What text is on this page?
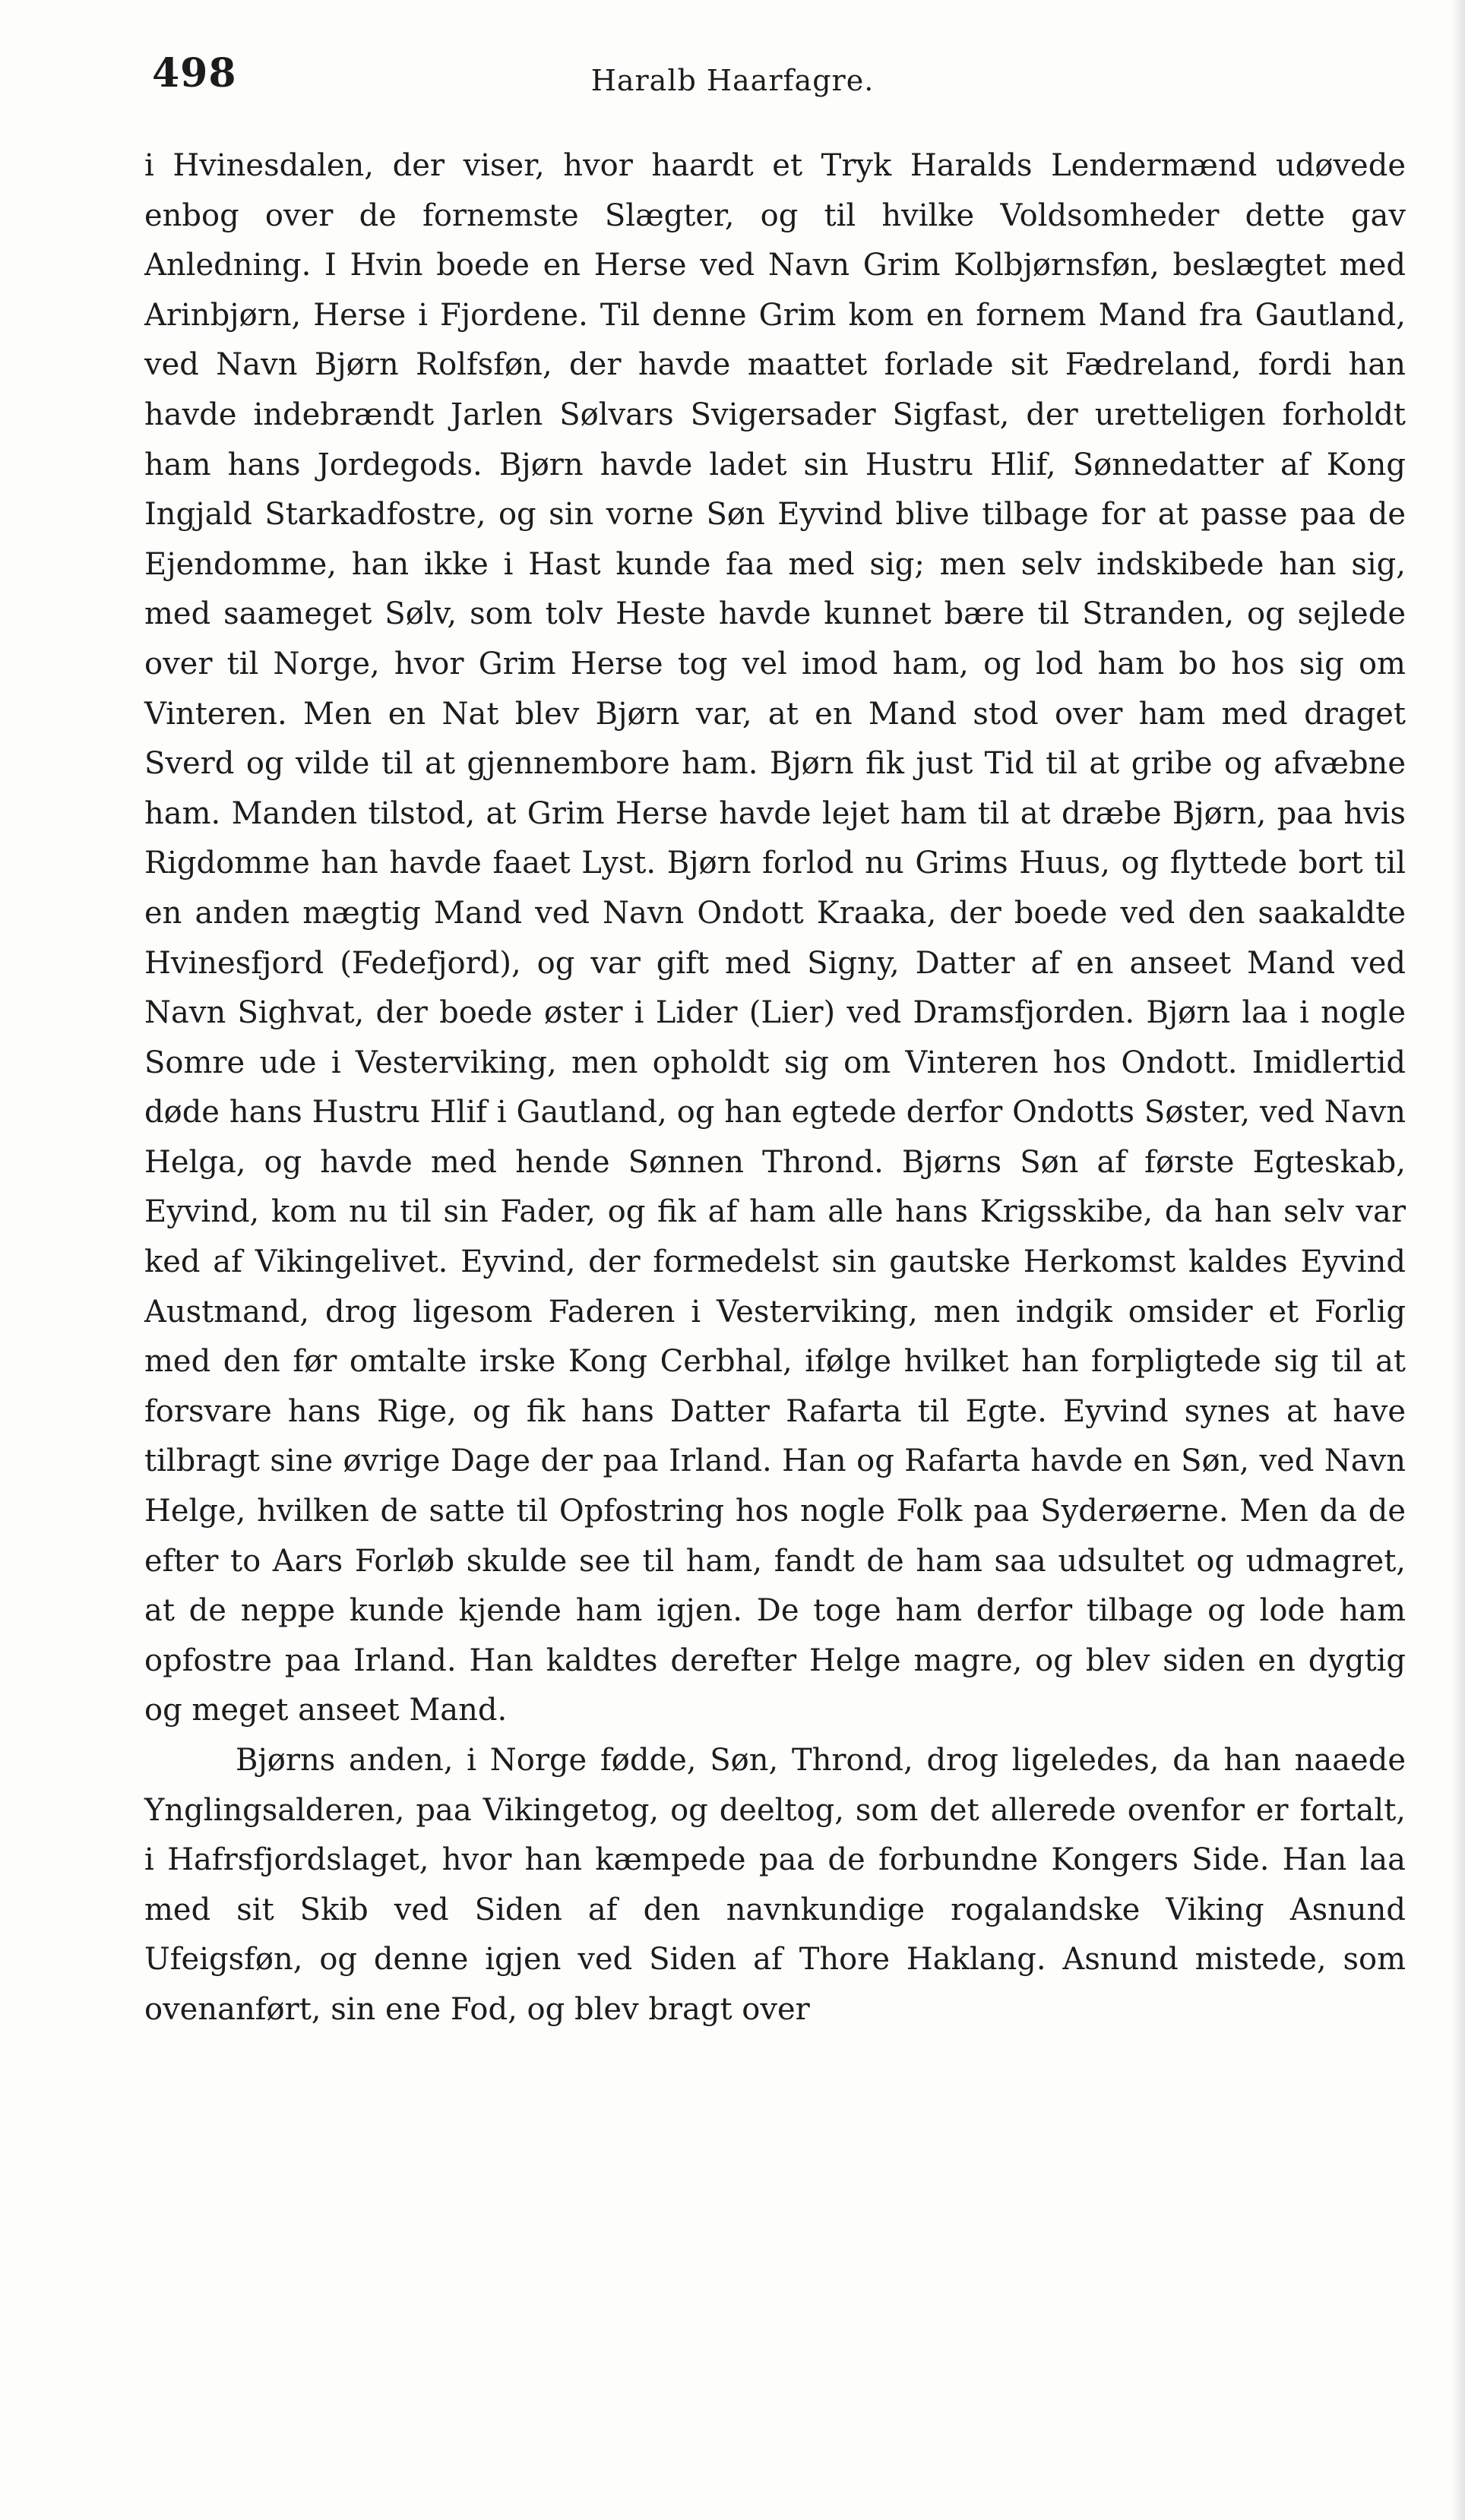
498	Haralb Haarfagre.

i Hvinesdalen, der viser, hvor haardt et Tryk Haralds Lendermænd udøvede enbog over de fornemste Slægter, og til hvilke Voldsomheder dette gav Anledning. I Hvin boede en Herse ved Navn Grim Kolbjørnsføn, beslægtet med Arinbjørn, Herse i Fjordene. Til denne Grim kom en fornem Mand fra Gautland, ved Navn Bjørn Rolfsføn, der havde maattet forlade sit Fædreland, fordi han havde indebrændt Jarlen Sølvars Svigersader Sigfast, der uretteligen forholdt ham hans Jordegods. Bjørn havde ladet sin Hustru Hlif, Sønnedatter af Kong Ingjald Starkadfostre, og sin vorne Søn Eyvind blive tilbage for at passe paa de Ejendomme, han ikke i Hast kunde faa med sig; men selv indskibede han sig, med saameget Sølv, som tolv Heste havde kunnet bære til Stranden, og sejlede over til Norge, hvor Grim Herse tog vel imod ham, og lod ham bo hos sig om Vinteren. Men en Nat blev Bjørn var, at en Mand stod over ham med draget Sverd og vilde til at gjennembore ham. Bjørn fik just Tid til at gribe og afvæbne ham. Manden tilstod, at Grim Herse havde lejet ham til at dræbe Bjørn, paa hvis Rigdomme han havde faaet Lyst. Bjørn forlod nu Grims Huus, og flyttede bort til en anden mægtig Mand ved Navn Ondott Kraaka, der boede ved den saakaldte Hvinesfjord (Fedefjord), og var gift med Signy, Datter af en anseet Mand ved Navn Sighvat, der boede øster i Lider (Lier) ved Dramsfjorden. Bjørn laa i nogle Somre ude i Vesterviking, men opholdt sig om Vinteren hos Ondott. Imidlertid døde hans Hustru Hlif i Gautland, og han egtede derfor Ondotts Søster, ved Navn Helga, og havde med hende Sønnen Thrond. Bjørns Søn af første Egteskab, Eyvind, kom nu til sin Fader, og fik af ham alle hans Krigsskibe, da han selv var ked af Vikingelivet. Eyvind, der formedelst sin gautske Herkomst kaldes Eyvind Austmand, drog ligesom Faderen i Vesterviking, men indgik omsider et Forlig med den før omtalte irske Kong Cerbhal, ifølge hvilket han forpligtede sig til at forsvare hans Rige, og fik hans Datter Rafarta til Egte. Eyvind synes at have tilbragt sine øvrige Dage der paa Irland. Han og Rafarta havde en Søn, ved Navn Helge, hvilken de satte til Opfostring hos nogle Folk paa Syderøerne. Men da de efter to Aars Forløb skulde see til ham, fandt de ham saa udsultet og udmagret, at de neppe kunde kjende ham igjen. De toge ham derfor tilbage og lode ham opfostre paa Irland. Han kaldtes derefter Helge magre, og blev siden en dygtig og meget anseet Mand.

Bjørns anden, i Norge fødde, Søn, Thrond, drog ligeledes, da han naaede Ynglingsalderen, paa Vikingetog, og deeltog, som det allerede ovenfor er fortalt, i Hafrsfjordslaget, hvor han kæmpede paa de forbundne Kongers Side. Han laa med sit Skib ved Siden af den navnkundige rogalandske Viking Asnund Ufeigsføn, og denne igjen ved Siden af Thore Haklang. Asnund mistede, som ovenanført, sin ene Fod, og blev bragt over
